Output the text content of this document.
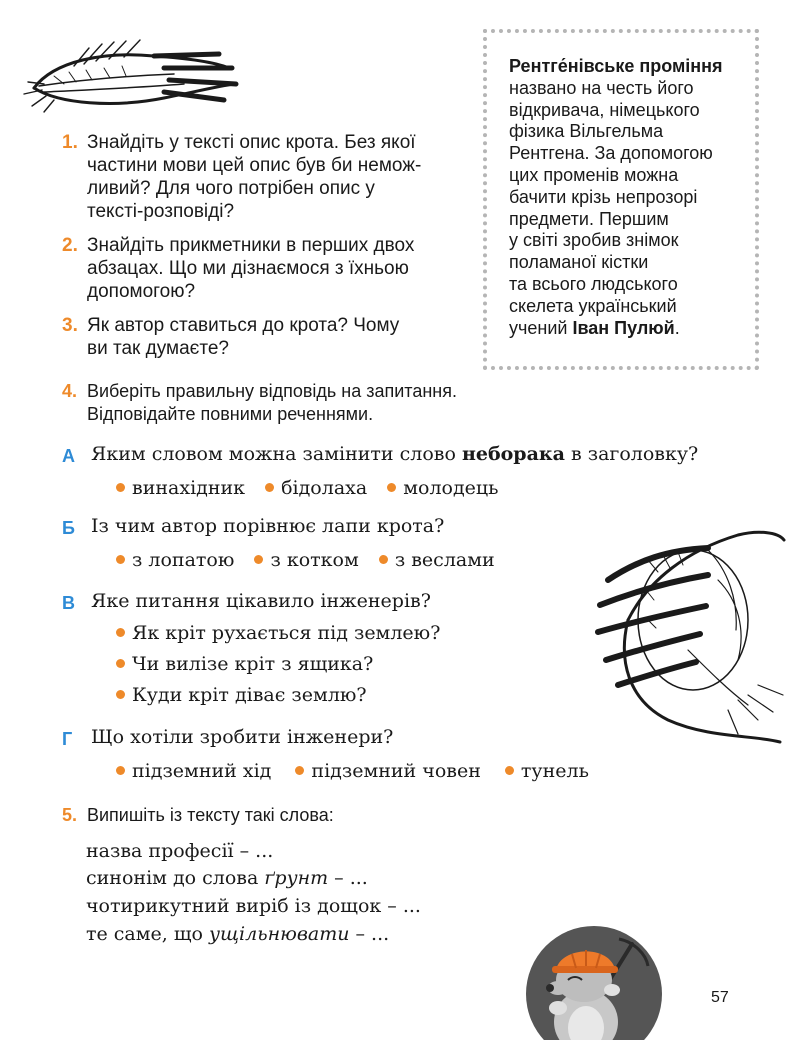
1. Знайдіть у тексті опис крота. Без якої
частини мови цей опис був би немож-
ливий? Для чого потрібен опис у
тексті-розповіді?
2. Знайдіть прикметники в перших двох
абзацах. Що ми дізнаємося з їхньою
допомогою?
3. Як автор ставиться до крота? Чому
ви так думаєте?
Рентге́нівське проміння
названо на честь його
відкривача, німецького
фізика Вільгельма
Рентгена. За допомогою
цих променів можна
бачити крізь непрозорі
предмети. Першим
у світі зробив знімок
поламаної кістки
та всього людського
скелета український
учений Іван Пулюй.
4. Виберіть правильну відповідь на запитання.
Відповідайте повними реченнями.
А Яким словом можна замінити слово неборака в заголовку?
винахідник бідолаха молодець
Б Із чим автор порівнює лапи крота?
з лопатою з котком з веслами
В Яке питання цікавило інженерів?
Як кріт рухається під землею?
Чи вилізе кріт з ящика?
Куди кріт діває землю?
Г Що хотіли зробити інженери?
підземний хід підземний човен тунель
5. Випишіть із тексту такі слова:
назва професії – ...
синонім до слова ґрунт – ...
чотирикутний виріб із дощок – ...
те саме, що ущільнювати – ...
57
